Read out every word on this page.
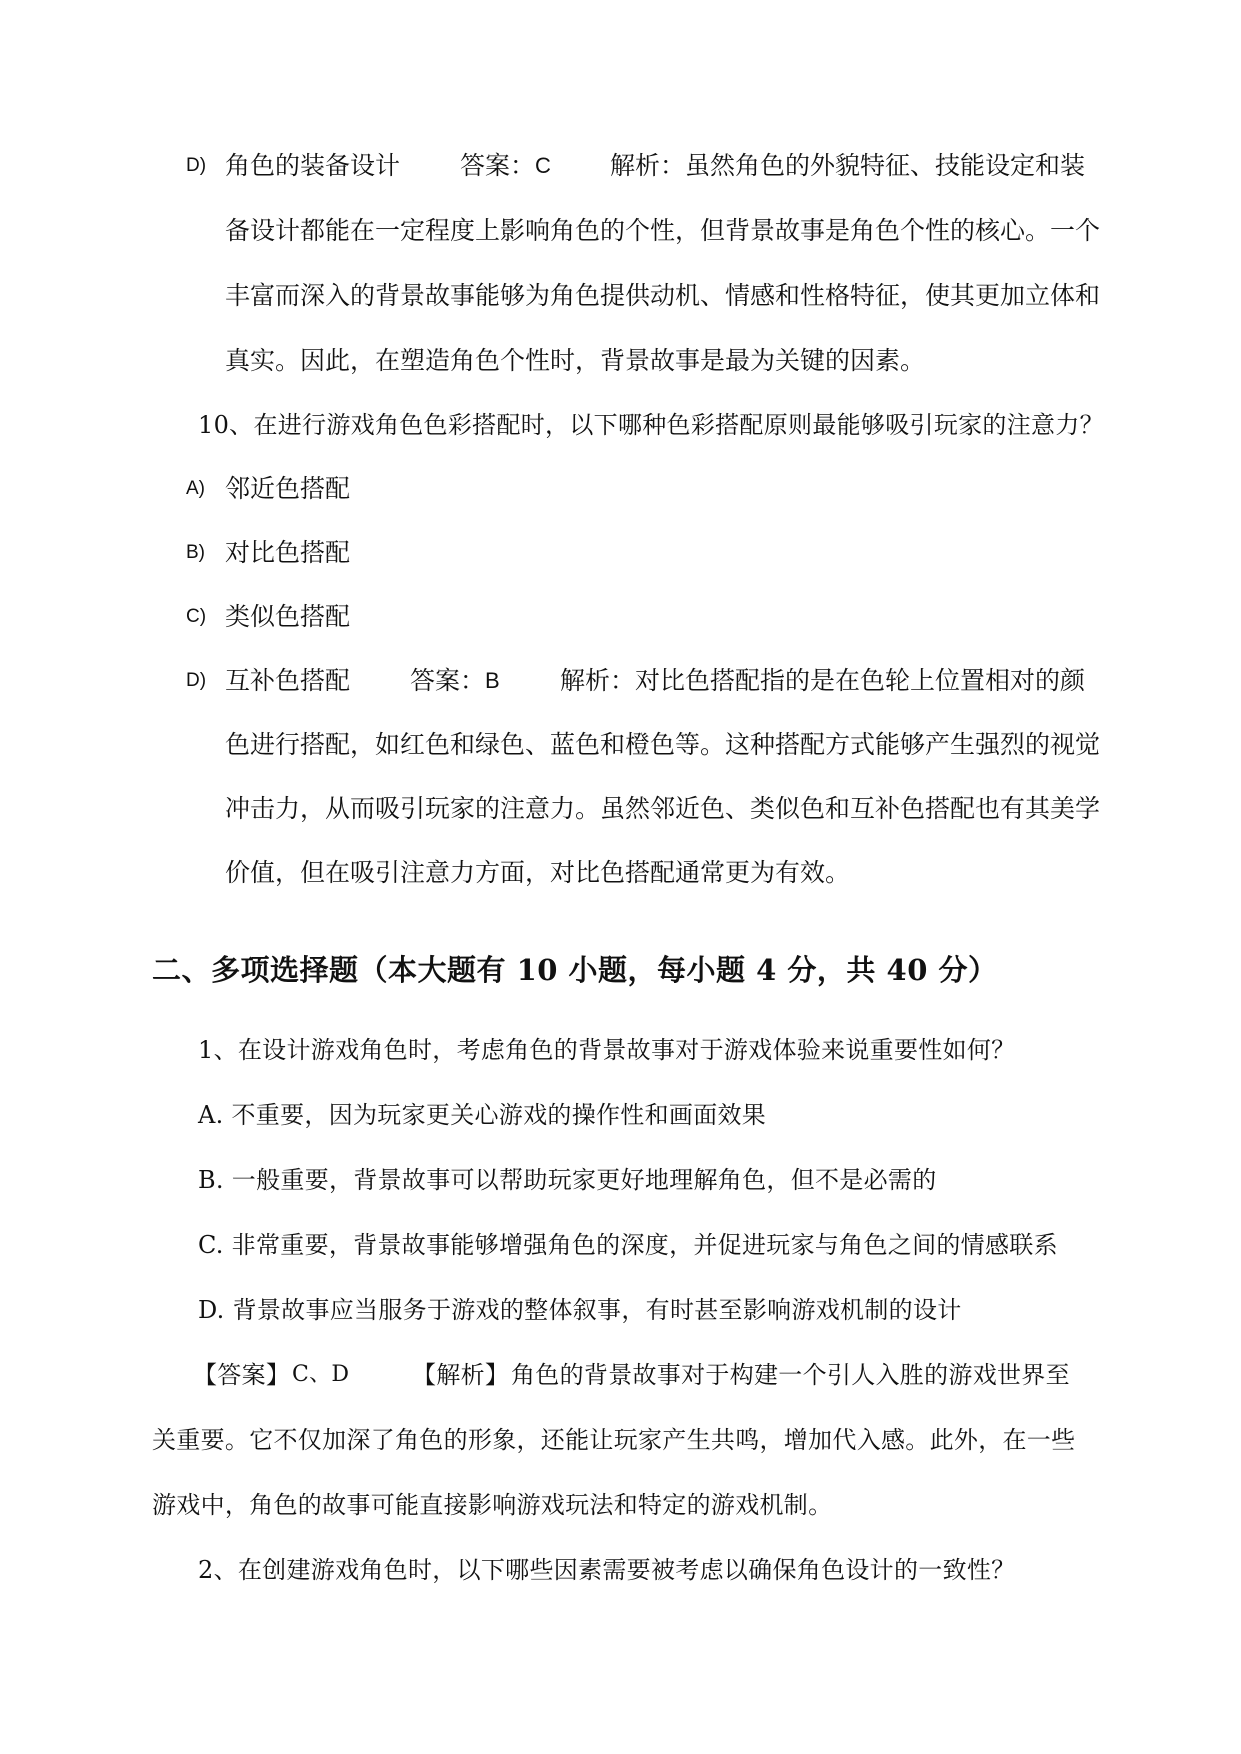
D) 角色的装备设计 答案： C 解析： 虽然角色的外貌特征、技能设定和装
备设计都能在一定程度上影响角色的个性，但背景故事是角色个性的核心。一个
丰富而深入的背景故事能够为角色提供动机、情感和性格特征，使其更加立体和
真实。因此，在塑造角色个性时，背景故事是最为关键的因素。
10、在进行游戏角色色彩搭配时，以下哪种色彩搭配原则最能够吸引玩家的注意力？
A) 邻近色搭配
B) 对比色搭配
C) 类似色搭配
D) 互补色搭配 答案： B 解析： 对比色搭配指的是在色轮上位置相对的颜
色进行搭配，如红色和绿色、蓝色和橙色等。这种搭配方式能够产生强烈的视觉
冲击力，从而吸引玩家的注意力。虽然邻近色、类似色和互补色搭配也有其美学
价值，但在吸引注意力方面，对比色搭配通常更为有效。
二、多项选择题（本大题有 10 小题，每小题 4 分，共 40 分）
1、在设计游戏角色时，考虑角色的背景故事对于游戏体验来说重要性如何？
A. 不重要，因为玩家更关心游戏的操作性和画面效果
B. 一般重要，背景故事可以帮助玩家更好地理解角色，但不是必需的
C. 非常重要，背景故事能够增强角色的深度，并促进玩家与角色之间的情感联系
D. 背景故事应当服务于游戏的整体叙事，有时甚至影响游戏机制的设计
【答案】 C、D	【解析】 角色的背景故事对于构建一个引人入胜的游戏世界至
关重要。它不仅加深了角色的形象，还能让玩家产生共鸣，增加代入感。此外，在一些
游戏中，角色的故事可能直接影响游戏玩法和特定的游戏机制。
2、在创建游戏角色时，以下哪些因素需要被考虑以确保角色设计的一致性？
